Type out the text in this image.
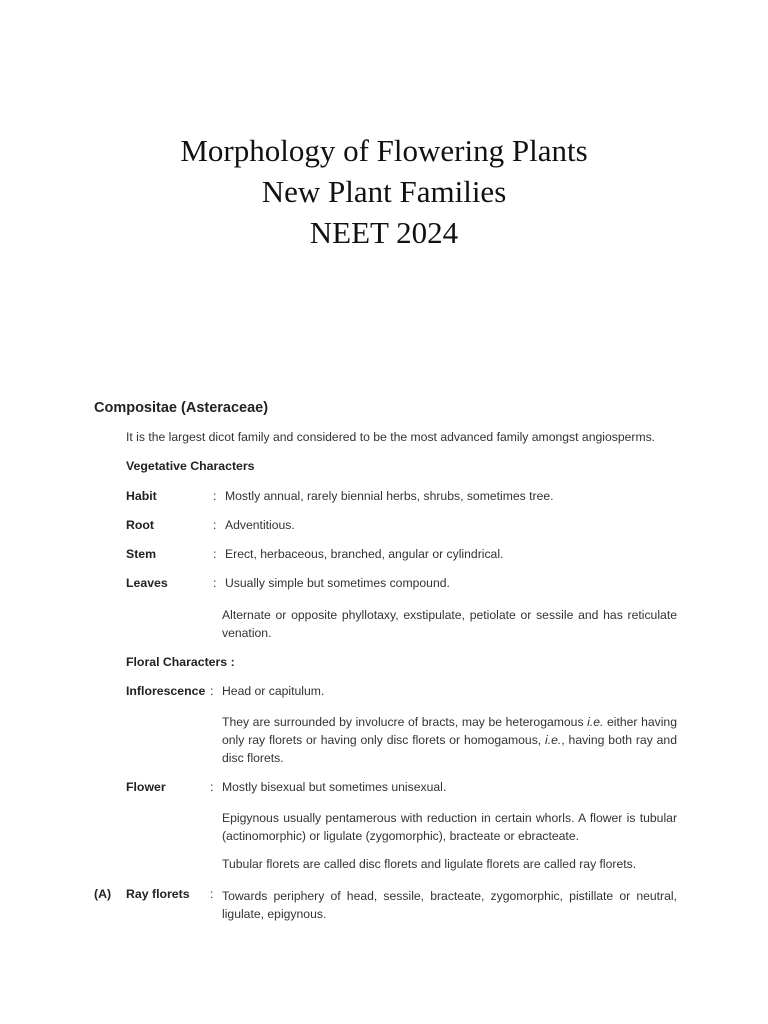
Morphology of Flowering Plants
New Plant Families
NEET 2024
Compositae (Asteraceae)
It is the largest dicot family and considered to be the most advanced family amongst angiosperms.
Vegetative Characters
Habit	: Mostly annual, rarely biennial herbs, shrubs, sometimes tree.
Root	: Adventitious.
Stem	: Erect, herbaceous, branched, angular or cylindrical.
Leaves	: Usually simple but sometimes compound.
Alternate or opposite phyllotaxy, exstipulate, petiolate or sessile and has reticulate venation.
Floral Characters :
Inflorescence : Head or capitulum.
They are surrounded by involucre of bracts, may be heterogamous i.e. either having only ray florets or having only disc florets or homogamous, i.e., having both ray and disc florets.
Flower	: Mostly bisexual but sometimes unisexual.
Epigynous usually pentamerous with reduction in certain whorls. A flower is tubular (actinomorphic) or ligulate (zygomorphic), bracteate or ebracteate.
Tubular florets are called disc florets and ligulate florets are called ray florets.
(A) Ray florets : Towards periphery of head, sessile, bracteate, zygomorphic, pistillate or neutral, ligulate, epigynous.
